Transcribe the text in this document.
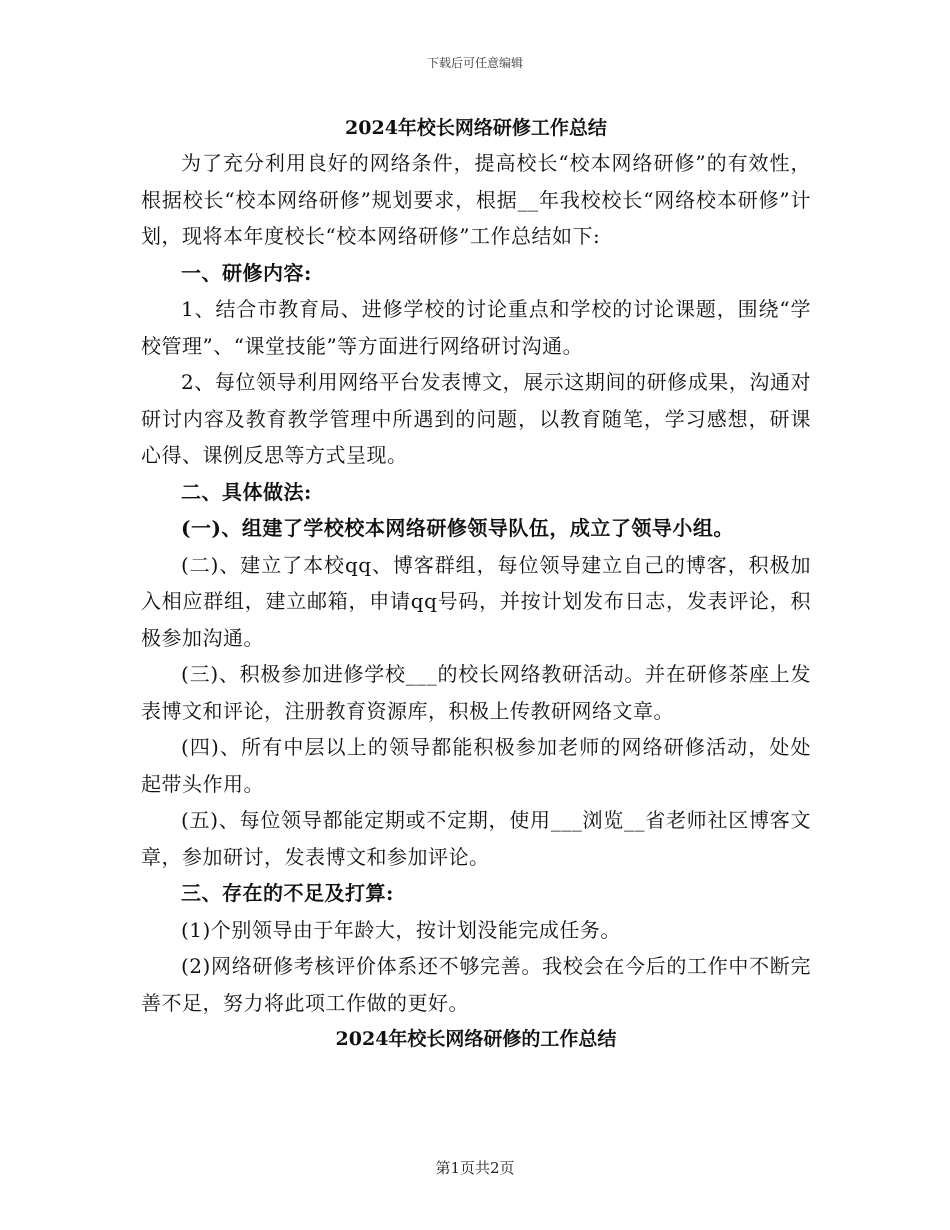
下载后可任意编辑
2024年校长网络研修工作总结

为了充分利用良好的网络条件，提高校长“校本网络研修”的有效性，根据校长“校本网络研修”规划要求，根据__年我校校长“网络校本研修”计划，现将本年度校长“校本网络研修”工作总结如下:

一、研修内容:

1、结合市教育局、进修学校的讨论重点和学校的讨论课题，围绕“学校管理”、“课堂技能”等方面进行网络研讨沟通。

2、每位领导利用网络平台发表博文，展示这期间的研修成果，沟通对研讨内容及教育教学管理中所遇到的问题，以教育随笔，学习感想，研课心得、课例反思等方式呈现。

二、具体做法:

(一)、组建了学校校本网络研修领导队伍，成立了领导小组。

(二)、建立了本校qq、博客群组，每位领导建立自己的博客，积极加入相应群组，建立邮箱，申请qq号码，并按计划发布日志，发表评论，积极参加沟通。

(三)、积极参加进修学校___的校长网络教研活动。并在研修茶座上发表博文和评论，注册教育资源库，积极上传教研网络文章。

(四)、所有中层以上的领导都能积极参加老师的网络研修活动，处处起带头作用。

(五)、每位领导都能定期或不定期，使用___浏览__省老师社区博客文章，参加研讨，发表博文和参加评论。

三、存在的不足及打算:

(1)个别领导由于年龄大，按计划没能完成任务。

(2)网络研修考核评价体系还不够完善。我校会在今后的工作中不断完善不足，努力将此项工作做的更好。

2024年校长网络研修的工作总结
第1页共2页
